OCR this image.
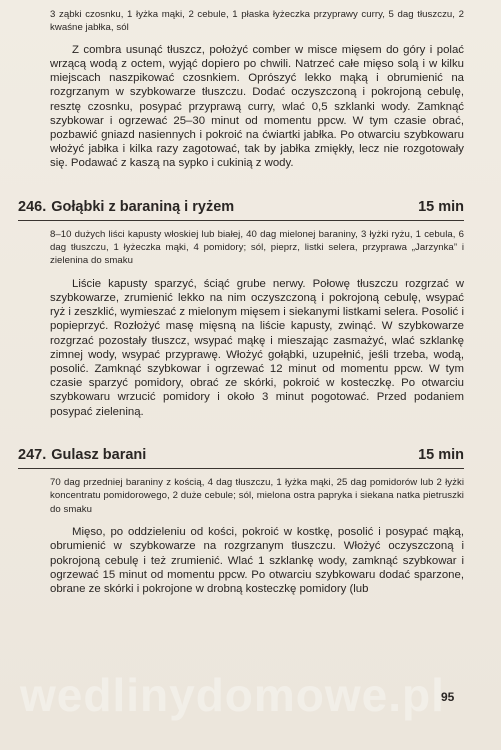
3 ząbki czosnku, 1 łyżka mąki, 2 cebule, 1 płaska łyżeczka przyprawy curry, 5 dag tłuszczu, 2 kwaśne jabłka, sól

Z combra usunąć tłuszcz, położyć comber w misce mięsem do góry i polać wrzącą wodą z octem, wyjąć dopiero po chwili. Natrzeć całe mięso solą i w kilku miejscach naszpikować czosnkiem. Oprószyć lekko mąką i obrumienić na rozgrzanym w szybkowarze tłuszczu. Dodać oczyszczoną i pokrojoną cebulę, resztę czosnku, posypać przyprawą curry, wlać 0,5 szklanki wody. Zamknąć szybkowar i ogrzewać 25–30 minut od momentu ppcw. W tym czasie obrać, pozbawić gniazd nasiennych i pokroić na ćwiartki jabłka. Po otwarciu szybkowaru włożyć jabłka i kilka razy zagotować, tak by jabłka zmiękły, lecz nie rozgotowały się. Podawać z kaszą na sypko i cukinią z wody.

246. Gołąbki z baraniną i ryżem	15 min

8–10 dużych liści kapusty włoskiej lub białej, 40 dag mielonej baraniny, 3 łyżki ryżu, 1 cebula, 6 dag tłuszczu, 1 łyżeczka mąki, 4 pomidory; sól, pieprz, listki selera, przyprawa „Jarzynka” i zielenina do smaku

Liście kapusty sparzyć, ściąć grube nerwy. Połowę tłuszczu rozgrzać w szybkowarze, zrumienić lekko na nim oczyszczoną i pokrojoną cebulę, wsypać ryż i zeszklić, wymieszać z mielonym mięsem i siekanymi listkami selera. Posolić i popieprzyć. Rozłożyć masę mięsną na liście kapusty, zwinąć. W szybkowarze rozgrzać pozostały tłuszcz, wsypać mąkę i mieszając zasmażyć, wlać szklankę zimnej wody, wsypać przyprawę. Włożyć gołąbki, uzupełnić, jeśli trzeba, wodą, posolić. Zamknąć szybkowar i ogrzewać 12 minut od momentu ppcw. W tym czasie sparzyć pomidory, obrać ze skórki, pokroić w kosteczkę. Po otwarciu szybkowaru wrzucić pomidory i około 3 minut pogotować. Przed podaniem posypać zieleniną.

247. Gulasz barani	15 min

70 dag przedniej baraniny z kością, 4 dag tłuszczu, 1 łyżka mąki, 25 dag pomidorów lub 2 łyżki koncentratu pomidorowego, 2 duże cebule; sól, mielona ostra papryka i siekana natka pietruszki do smaku

Mięso, po oddzieleniu od kości, pokroić w kostkę, posolić i posypać mąką, obrumienić w szybkowarze na rozgrzanym tłuszczu. Włożyć oczyszczoną i pokrojoną cebulę i też zrumienić. Wlać 1 szklankę wody, zamknąć szybkowar i ogrzewać 15 minut od momentu ppcw. Po otwarciu szybkowaru dodać sparzone, obrane ze skórki i pokrojone w drobną kosteczkę pomidory (lub

wedlinydomowe.pl
95
